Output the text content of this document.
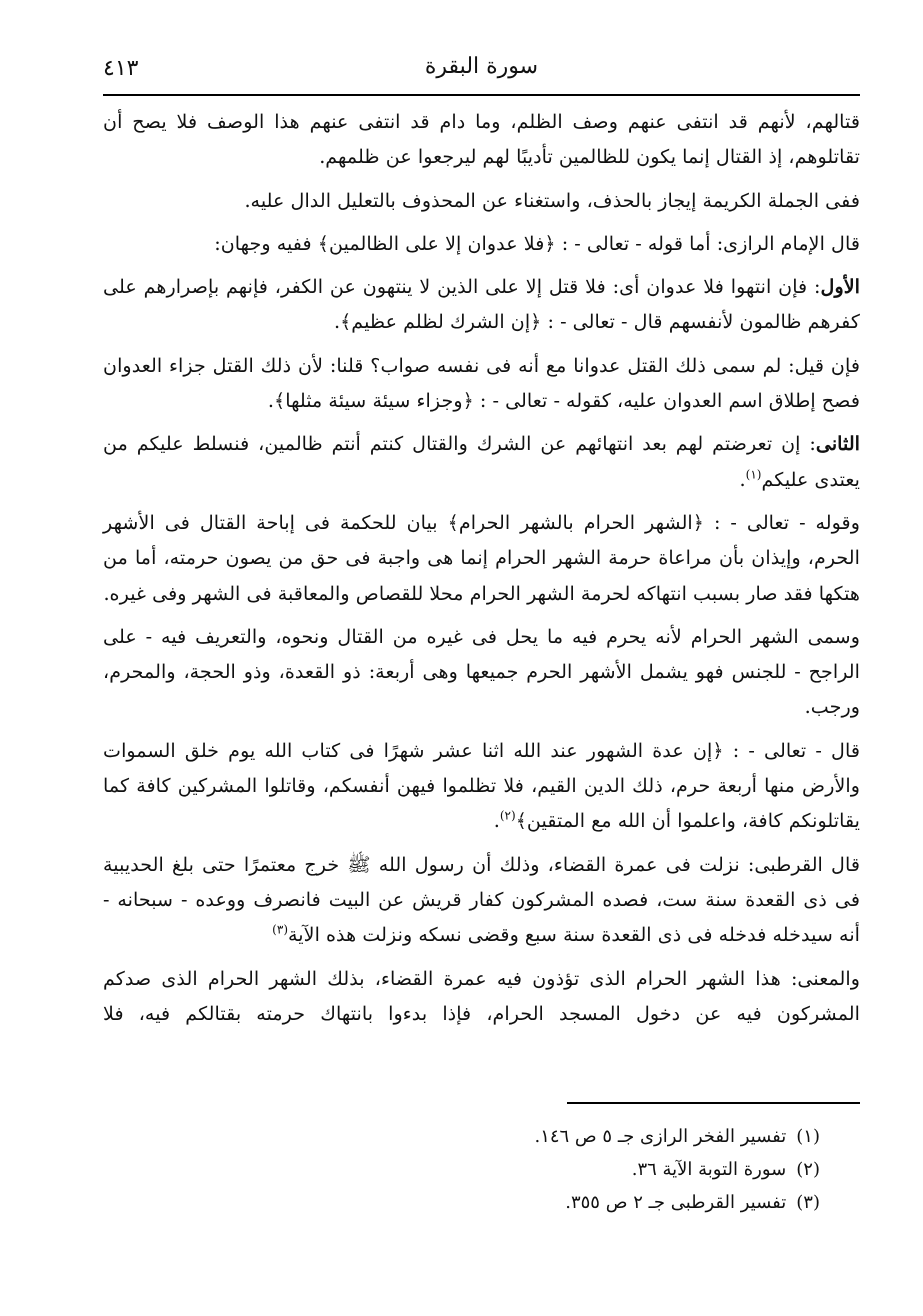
٤١٣	سورة البقرة

قتالهم، لأنهم قد انتفى عنهم وصف الظلم، وما دام قد انتفى عنهم هذا الوصف فلا يصح أن تقاتلوهم، إذ القتال إنما يكون للظالمين تأديبًا لهم ليرجعوا عن ظلمهم.

ففى الجملة الكريمة إيجاز بالحذف، واستغناء عن المحذوف بالتعليل الدال عليه.

قال الإمام الرازى: أما قوله - تعالى - : ﴿فلا عدوان إلا على الظالمين﴾ ففيه وجهان:

الأول: فإن انتهوا فلا عدوان أى: فلا قتل إلا على الذين لا ينتهون عن الكفر، فإنهم بإصرارهم على كفرهم ظالمون لأنفسهم قال - تعالى - : ﴿إن الشرك لظلم عظيم﴾.

فإن قيل: لم سمى ذلك القتل عدوانا مع أنه فى نفسه صواب؟ قلنا: لأن ذلك القتل جزاء العدوان فصح إطلاق اسم العدوان عليه، كقوله - تعالى - : ﴿وجزاء سيئة سيئة مثلها﴾.

الثانى: إن تعرضتم لهم بعد انتهائهم عن الشرك والقتال كنتم أنتم ظالمين، فنسلط عليكم من يعتدى عليكم$^{(١)}$.

وقوله - تعالى - : ﴿الشهر الحرام بالشهر الحرام﴾ بيان للحكمة فى إباحة القتال فى الأشهر الحرم، وإيذان بأن مراعاة حرمة الشهر الحرام إنما هى واجبة فى حق من يصون حرمته، أما من هتكها فقد صار بسبب انتهاكه لحرمة الشهر الحرام محلا للقصاص والمعاقبة فى الشهر وفى غيره.

وسمى الشهر الحرام لأنه يحرم فيه ما يحل فى غيره من القتال ونحوه، والتعريف فيه - على الراجح - للجنس فهو يشمل الأشهر الحرم جميعها وهى أربعة: ذو القعدة، وذو الحجة، والمحرم، ورجب.

قال - تعالى - : ﴿إن عدة الشهور عند الله اثنا عشر شهرًا فى كتاب الله يوم خلق السموات والأرض منها أربعة حرم، ذلك الدين القيم، فلا تظلموا فيهن أنفسكم، وقاتلوا المشركين كافة كما يقاتلونكم كافة، واعلموا أن الله مع المتقين﴾$^{(٢)}$.

قال القرطبى: نزلت فى عمرة القضاء، وذلك أن رسول الله ﷺ خرج معتمرًا حتى بلغ الحديبية فى ذى القعدة سنة ست، فصده المشركون كفار قريش عن البيت فانصرف ووعده - سبحانه - أنه سيدخله فدخله فى ذى القعدة سنة سبع وقضى نسكه ونزلت هذه الآية$^{(٣)}$

والمعنى: هذا الشهر الحرام الذى تؤذون فيه عمرة القضاء، بذلك الشهر الحرام الذى صدكم المشركون فيه عن دخول المسجد الحرام، فإذا بدءوا بانتهاك حرمته بقتالكم فيه، فلا

(١)تفسير الفخر الرازى جـ ٥ ص ١٤٦.
(٢)سورة التوبة الآية ٣٦.
(٣)تفسير القرطبى جـ ٢ ص ٣٥٥.
